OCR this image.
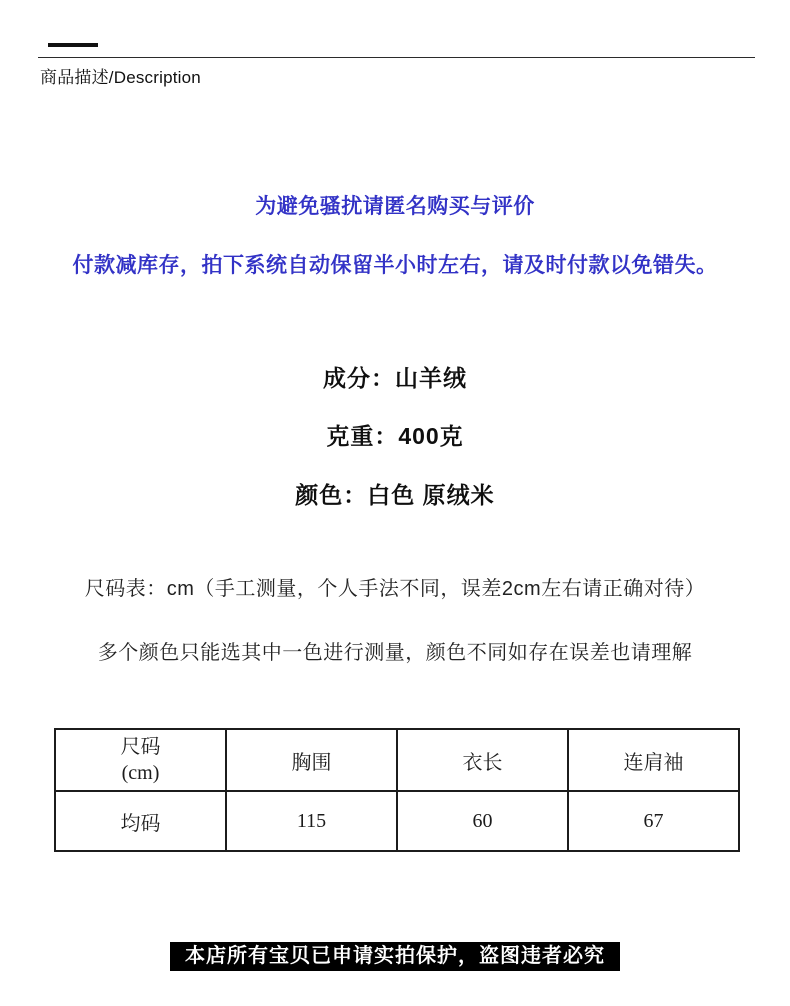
商品描述/Description
为避免骚扰请匿名购买与评价
付款减库存，拍下系统自动保留半小时左右，请及时付款以免错失。
成分：山羊绒
克重：400克
颜色：白色 原绒米
尺码表：cm（手工测量，个人手法不同，误差2cm左右请正确对待）
多个颜色只能选其中一色进行测量，颜色不同如存在误差也请理解
尺码
(cm)	胸围	衣长	连肩袖
均码	115	60	67
本店所有宝贝已申请实拍保护，盗图违者必究
